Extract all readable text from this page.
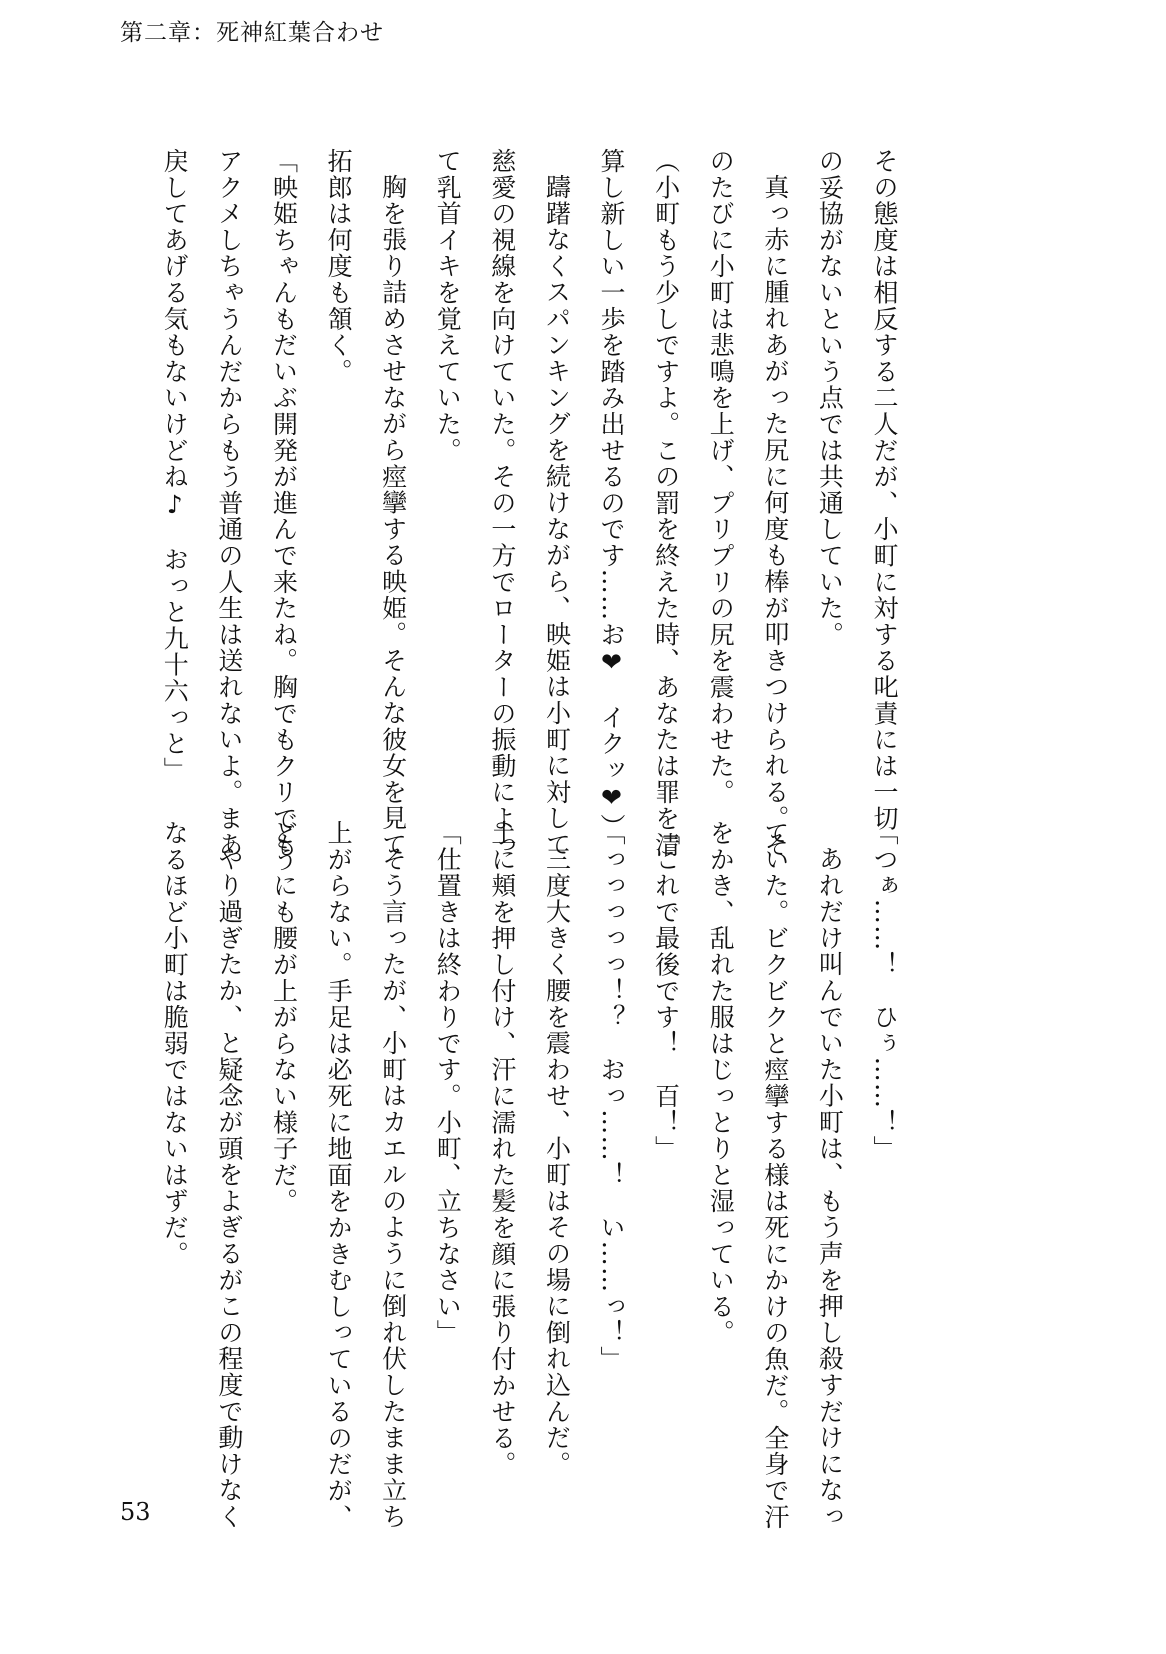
第二章：死神紅葉合わせ
その態度は相反する二人だが、小町に対する叱責には一切
の妥協がないという点では共通していた。
真っ赤に腫れあがった尻に何度も棒が叩きつけられる。そ
のたびに小町は悲鳴を上げ、プリプリの尻を震わせた。
（小町もう少しですよ。この罰を終えた時、あなたは罪を清
算し新しい一歩を踏み出せるのです……お❤　イクッ❤）
躊躇なくスパンキングを続けながら、映姫は小町に対して
慈愛の視線を向けていた。その一方でローターの振動によっ
て乳首イキを覚えていた。
胸を張り詰めさせながら痙攣する映姫。そんな彼女を見て
拓郎は何度も頷く。
「映姫ちゃんもだいぶ開発が進んで来たね。胸でもクリでも
アクメしちゃうんだからもう普通の人生は送れないよ。まあ
戻してあげる気もないけどね♪　おっと九十六っと」
「つぁ……！　ひぅ……！」
あれだけ叫んでいた小町は、もう声を押し殺すだけになっ
ていた。ビクビクと痙攣する様は死にかけの魚だ。全身で汗
をかき、乱れた服はじっとりと湿っている。
「これで最後です！　百！」
「っっっっっ！？　おっ……！　い……っ！」
三度大きく腰を震わせ、小町はその場に倒れ込んだ。
土に頬を押し付け、汗に濡れた髪を顔に張り付かせる。
「仕置きは終わりです。小町、立ちなさい」
そう言ったが、小町はカエルのように倒れ伏したまま立ち
上がらない。手足は必死に地面をかきむしっているのだが、
どうにも腰が上がらない様子だ。
やり過ぎたか、と疑念が頭をよぎるがこの程度で動けなく
なるほど小町は脆弱ではないはずだ。
53
